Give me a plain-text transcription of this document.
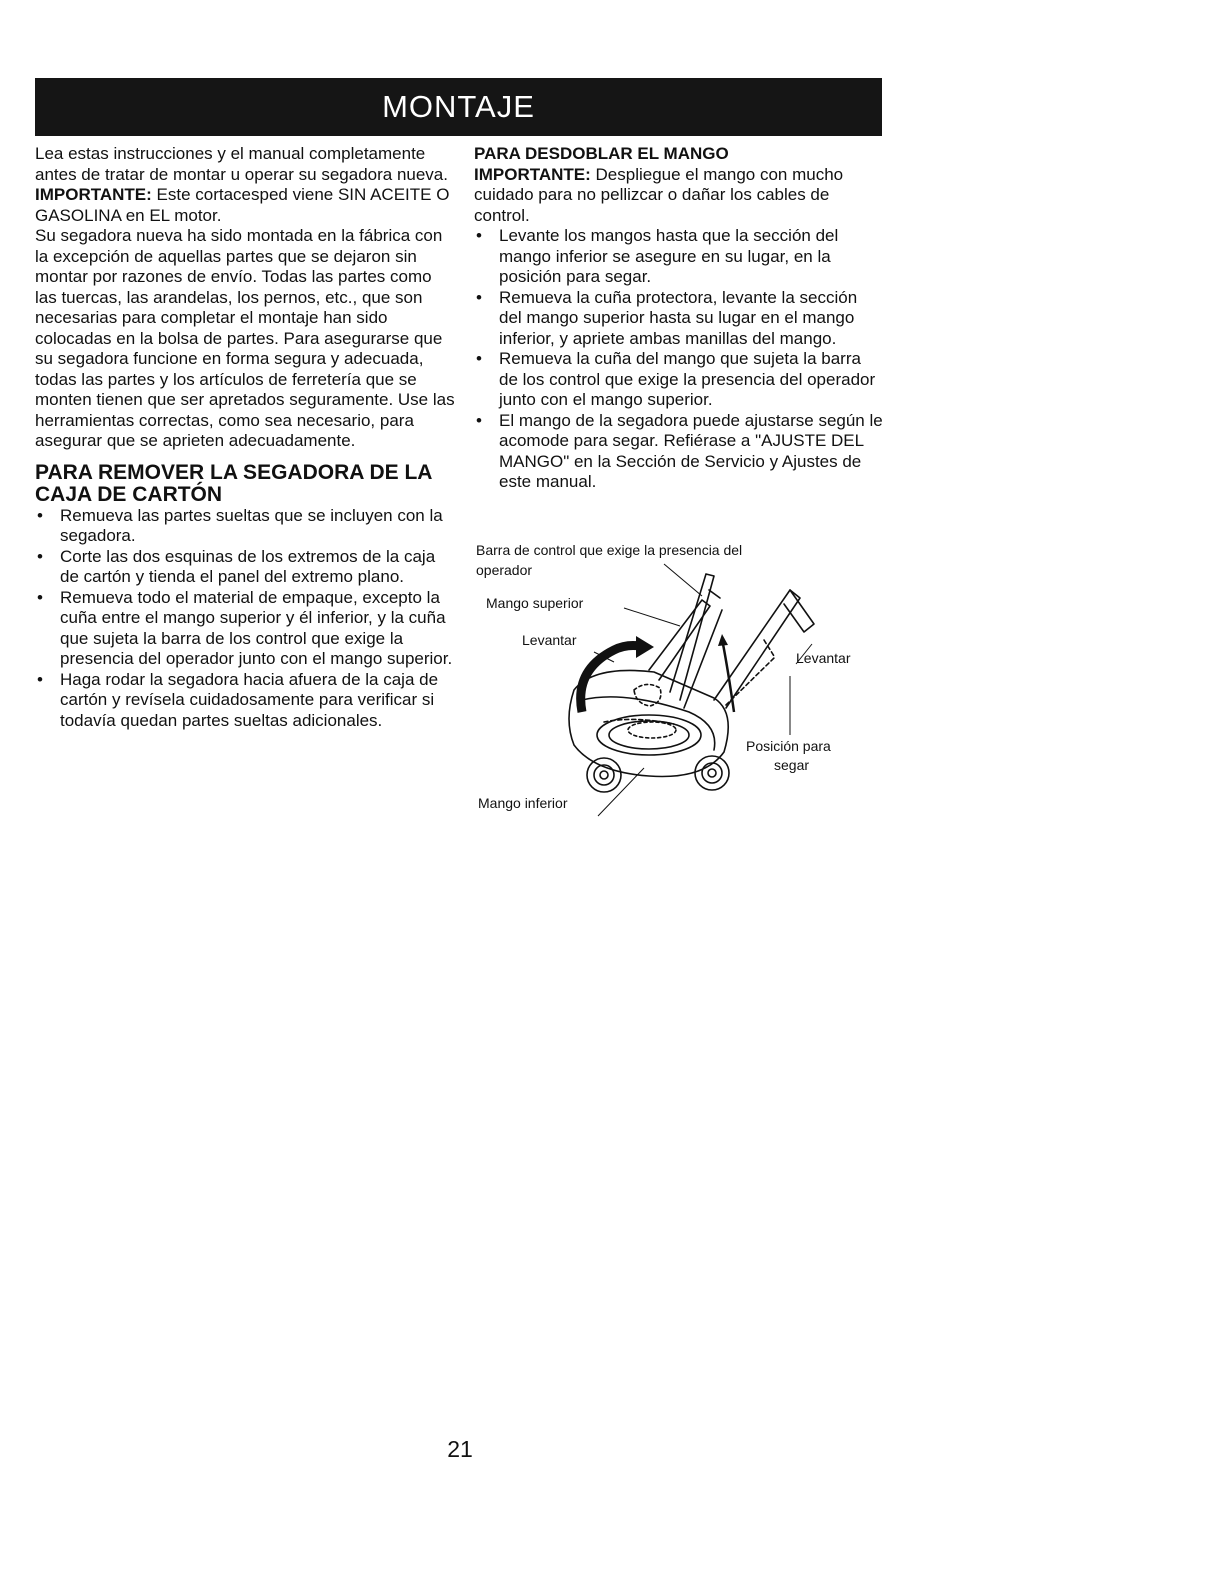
MONTAJE

Lea estas instrucciones y el manual completamente antes de tratar de montar u operar su segadora nueva.

IMPORTANTE: Este cortacesped viene SIN ACEITE O GASOLINA en EL motor.

Su segadora nueva ha sido montada en la fábrica con la excepción de aquellas partes que se dejaron sin montar por razones de envío. Todas las partes como las tuercas, las arandelas, los pernos, etc., que son necesarias para completar el montaje han sido colocadas en la bolsa de partes. Para asegurarse que su segadora funcione en forma segura y adecuada, todas las partes y los artículos de ferretería que se monten tienen que ser apretados seguramente. Use las herramientas correctas, como sea necesario, para asegurar que se aprieten adecuadamente.

PARA REMOVER LA SEGADORA DE LA CAJA DE CARTÓN
• Remueva las partes sueltas que se incluyen con la segadora.
• Corte las dos esquinas de los extremos de la caja de cartón y tienda el panel del extremo plano.
• Remueva todo el material de empaque, excepto la cuña entre el mango superior y él inferior, y la cuña que sujeta la barra de los control que exige la presencia del operador junto con el mango superior.
• Haga rodar la segadora hacia afuera de la caja de cartón y revísela cuidadosamente para verificar si todavía quedan partes sueltas adicionales.
PARA DESDOBLAR EL MANGO

IMPORTANTE: Despliegue el mango con mucho cuidado para no pellizcar o dañar los cables de control.

• Levante los mangos hasta que la sección del mango inferior se asegure en su lugar, en la posición para segar.
• Remueva la cuña protectora, levante la sección del mango superior hasta su lugar en el mango inferior, y apriete ambas manillas del mango.
• Remueva la cuña del mango que sujeta la barra de los control que exige la presencia del operador junto con el mango superior.
• El mango de la segadora puede ajustarse según le acomode para segar. Refiérase a "AJUSTE DEL MANGO" en la Sección de Servicio y Ajustes de este manual.
Barra de control que exige la presencia del
operador
Mango superior
Levantar
Levantar
Posición para
segar
Mango inferior
21
